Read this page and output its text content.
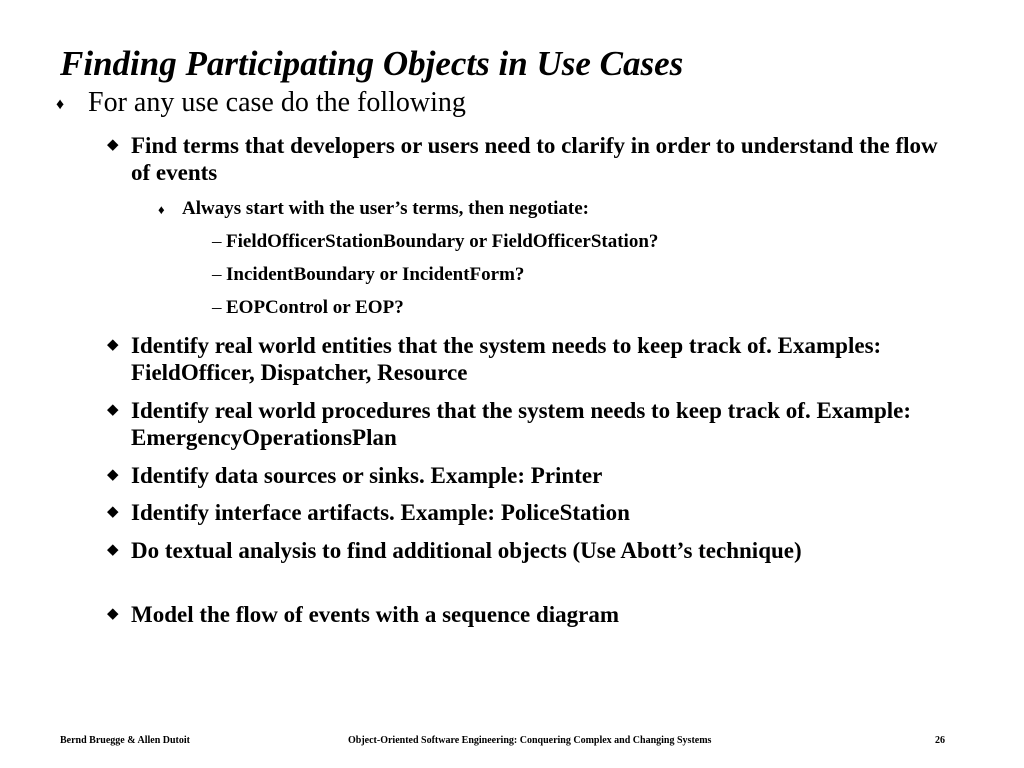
Finding Participating Objects in Use Cases
♦ For any use case do the following
◆ Find terms that developers or users need to clarify in order to understand the flow of events
♦ Always start with the user’s terms, then negotiate:
– FieldOfficerStationBoundary or FieldOfficerStation?
– IncidentBoundary or IncidentForm?
– EOPControl or EOP?
◆ Identify real world entities that the system needs to keep track of. Examples: FieldOfficer, Dispatcher, Resource
◆ Identify real world procedures that the system needs to keep track of. Example: EmergencyOperationsPlan
◆ Identify data sources or sinks. Example: Printer
◆ Identify interface artifacts. Example: PoliceStation
◆ Do textual analysis to find additional objects (Use Abott’s technique)
◆ Model the flow of events with a sequence diagram
Bernd Bruegge & Allen Dutoit	Object-Oriented Software Engineering: Conquering Complex and Changing Systems	26
